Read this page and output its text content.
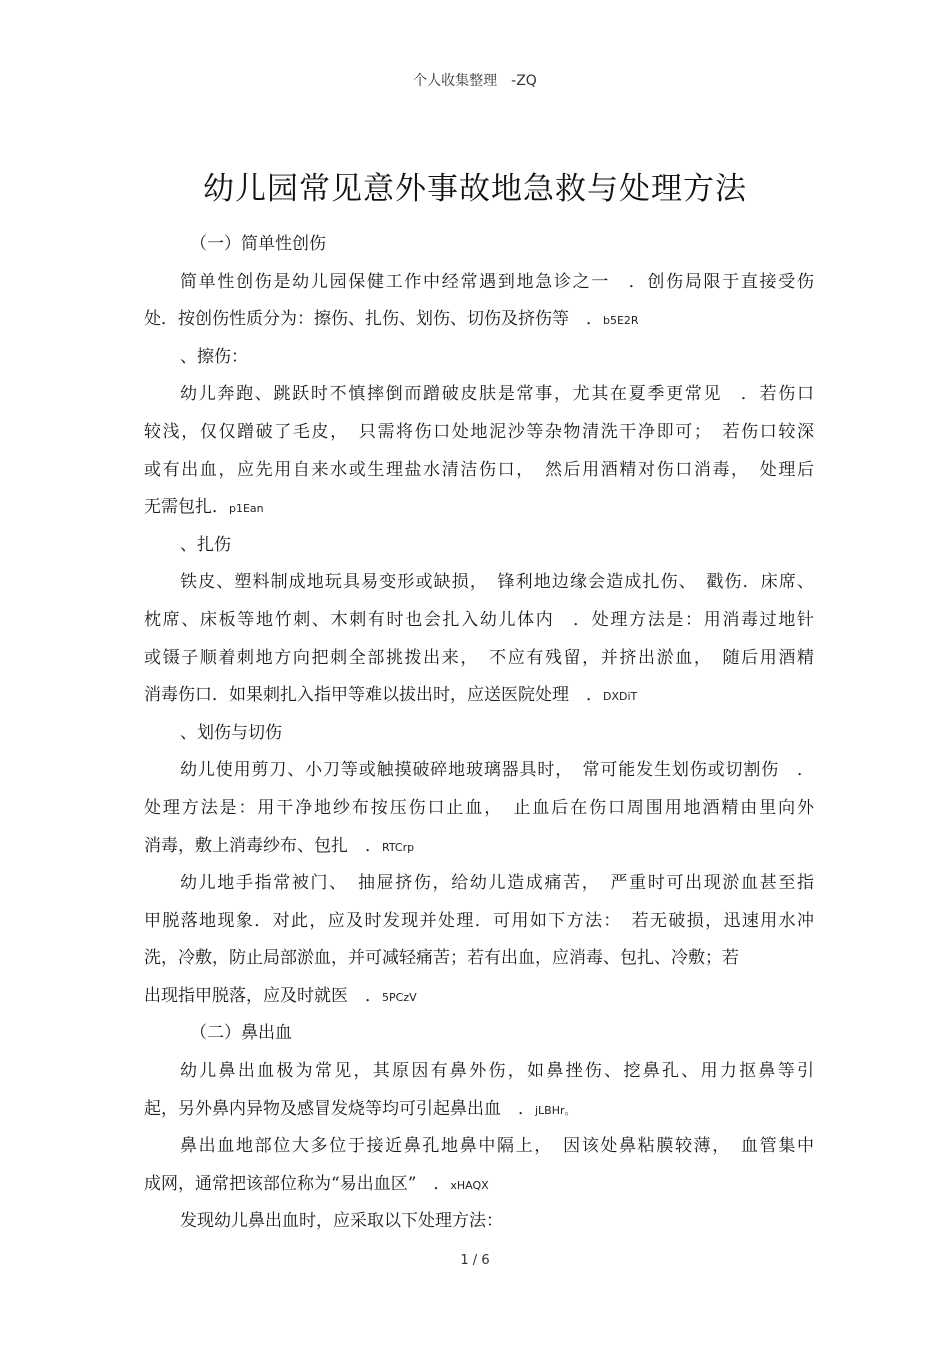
个人收集整理　-ZQ
幼儿园常见意外事故地急救与处理方法
（一）简单性创伤
简单性创伤是幼儿园保健工作中经常遇到地急诊之一　．创伤局限于直接受伤
处．按创伤性质分为：擦伤、扎伤、划伤、切伤及挤伤等　．b5E2R
、擦伤：
幼儿奔跑、跳跃时不慎摔倒而蹭破皮肤是常事，尤其在夏季更常见　．若伤口
较浅，仅仅蹭破了毛皮，　只需将伤口处地泥沙等杂物清洗干净即可；　若伤口较深
或有出血，应先用自来水或生理盐水清洁伤口，　然后用酒精对伤口消毒，　处理后
无需包扎．p1Ean
、扎伤
铁皮、塑料制成地玩具易变形或缺损，　锋利地边缘会造成扎伤、　戳伤．床席、
枕席、床板等地竹刺、木刺有时也会扎入幼儿体内　．处理方法是：用消毒过地针
或镊子顺着刺地方向把刺全部挑拨出来，　不应有残留，并挤出淤血，　随后用酒精
消毒伤口．如果刺扎入指甲等难以拔出时，应送医院处理　．DXDiT
、划伤与切伤
幼儿使用剪刀、小刀等或触摸破碎地玻璃器具时，　常可能发生划伤或切割伤　．
处理方法是：用干净地纱布按压伤口止血，　止血后在伤口周围用地酒精由里向外
消毒，敷上消毒纱布、包扎　．RTCrp
幼儿地手指常被门、　抽屉挤伤，给幼儿造成痛苦，　严重时可出现淤血甚至指
甲脱落地现象．对此，应及时发现并处理．可用如下方法：　若无破损，迅速用水冲
洗，冷敷，防止局部淤血，并可减轻痛苦；若有出血，应消毒、包扎、冷敷；若
出现指甲脱落，应及时就医　．5PCzV
（二）鼻出血
幼儿鼻出血极为常见，其原因有鼻外伤，如鼻挫伤、挖鼻孔、用力抠鼻等引
起，另外鼻内异物及感冒发烧等均可引起鼻出血　．jLBHr。
鼻出血地部位大多位于接近鼻孔地鼻中隔上，　因该处鼻粘膜较薄，　血管集中
成网，通常把该部位称为“易出血区”　．xHAQX
发现幼儿鼻出血时，应采取以下处理方法：
1 / 6
